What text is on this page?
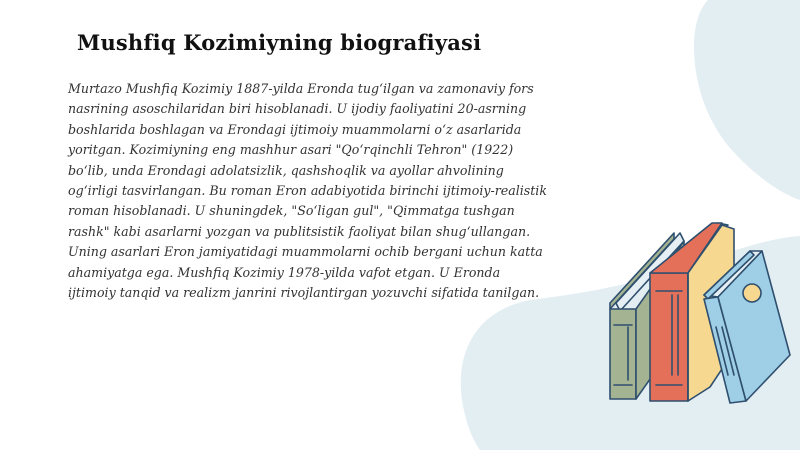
Mushfiq Kozimiyning biografiyasi

Murtazo Mushfiq Kozimiy 1887-yilda Eronda tug‘ilgan va zamonaviy fors nasrining asoschilaridan biri hisoblanadi. U ijodiy faoliyatini 20-asrning boshlarida boshlagan va Erondagi ijtimoiy muammolarni o‘z asarlarida yoritgan. Kozimiyning eng mashhur asari "Qo‘rqinchli Tehron" (1922) bo‘lib, unda Erondagi adolatsizlik, qashshoqlik va ayollar ahvolining og‘irligi tasvirlangan. Bu roman Eron adabiyotida birinchi ijtimoiy-realistik roman hisoblanadi. U shuningdek, "So‘ligan gul", "Qimmatga tushgan rashk" kabi asarlarni yozgan va publitsistik faoliyat bilan shug‘ullangan. Uning asarlari Eron jamiyatidagi muammolarni ochib bergani uchun katta ahamiyatga ega. Mushfiq Kozimiy 1978-yilda vafot etgan. U Eronda ijtimoiy tanqid va realizm janrini rivojlantirgan yozuvchi sifatida tanilgan.
